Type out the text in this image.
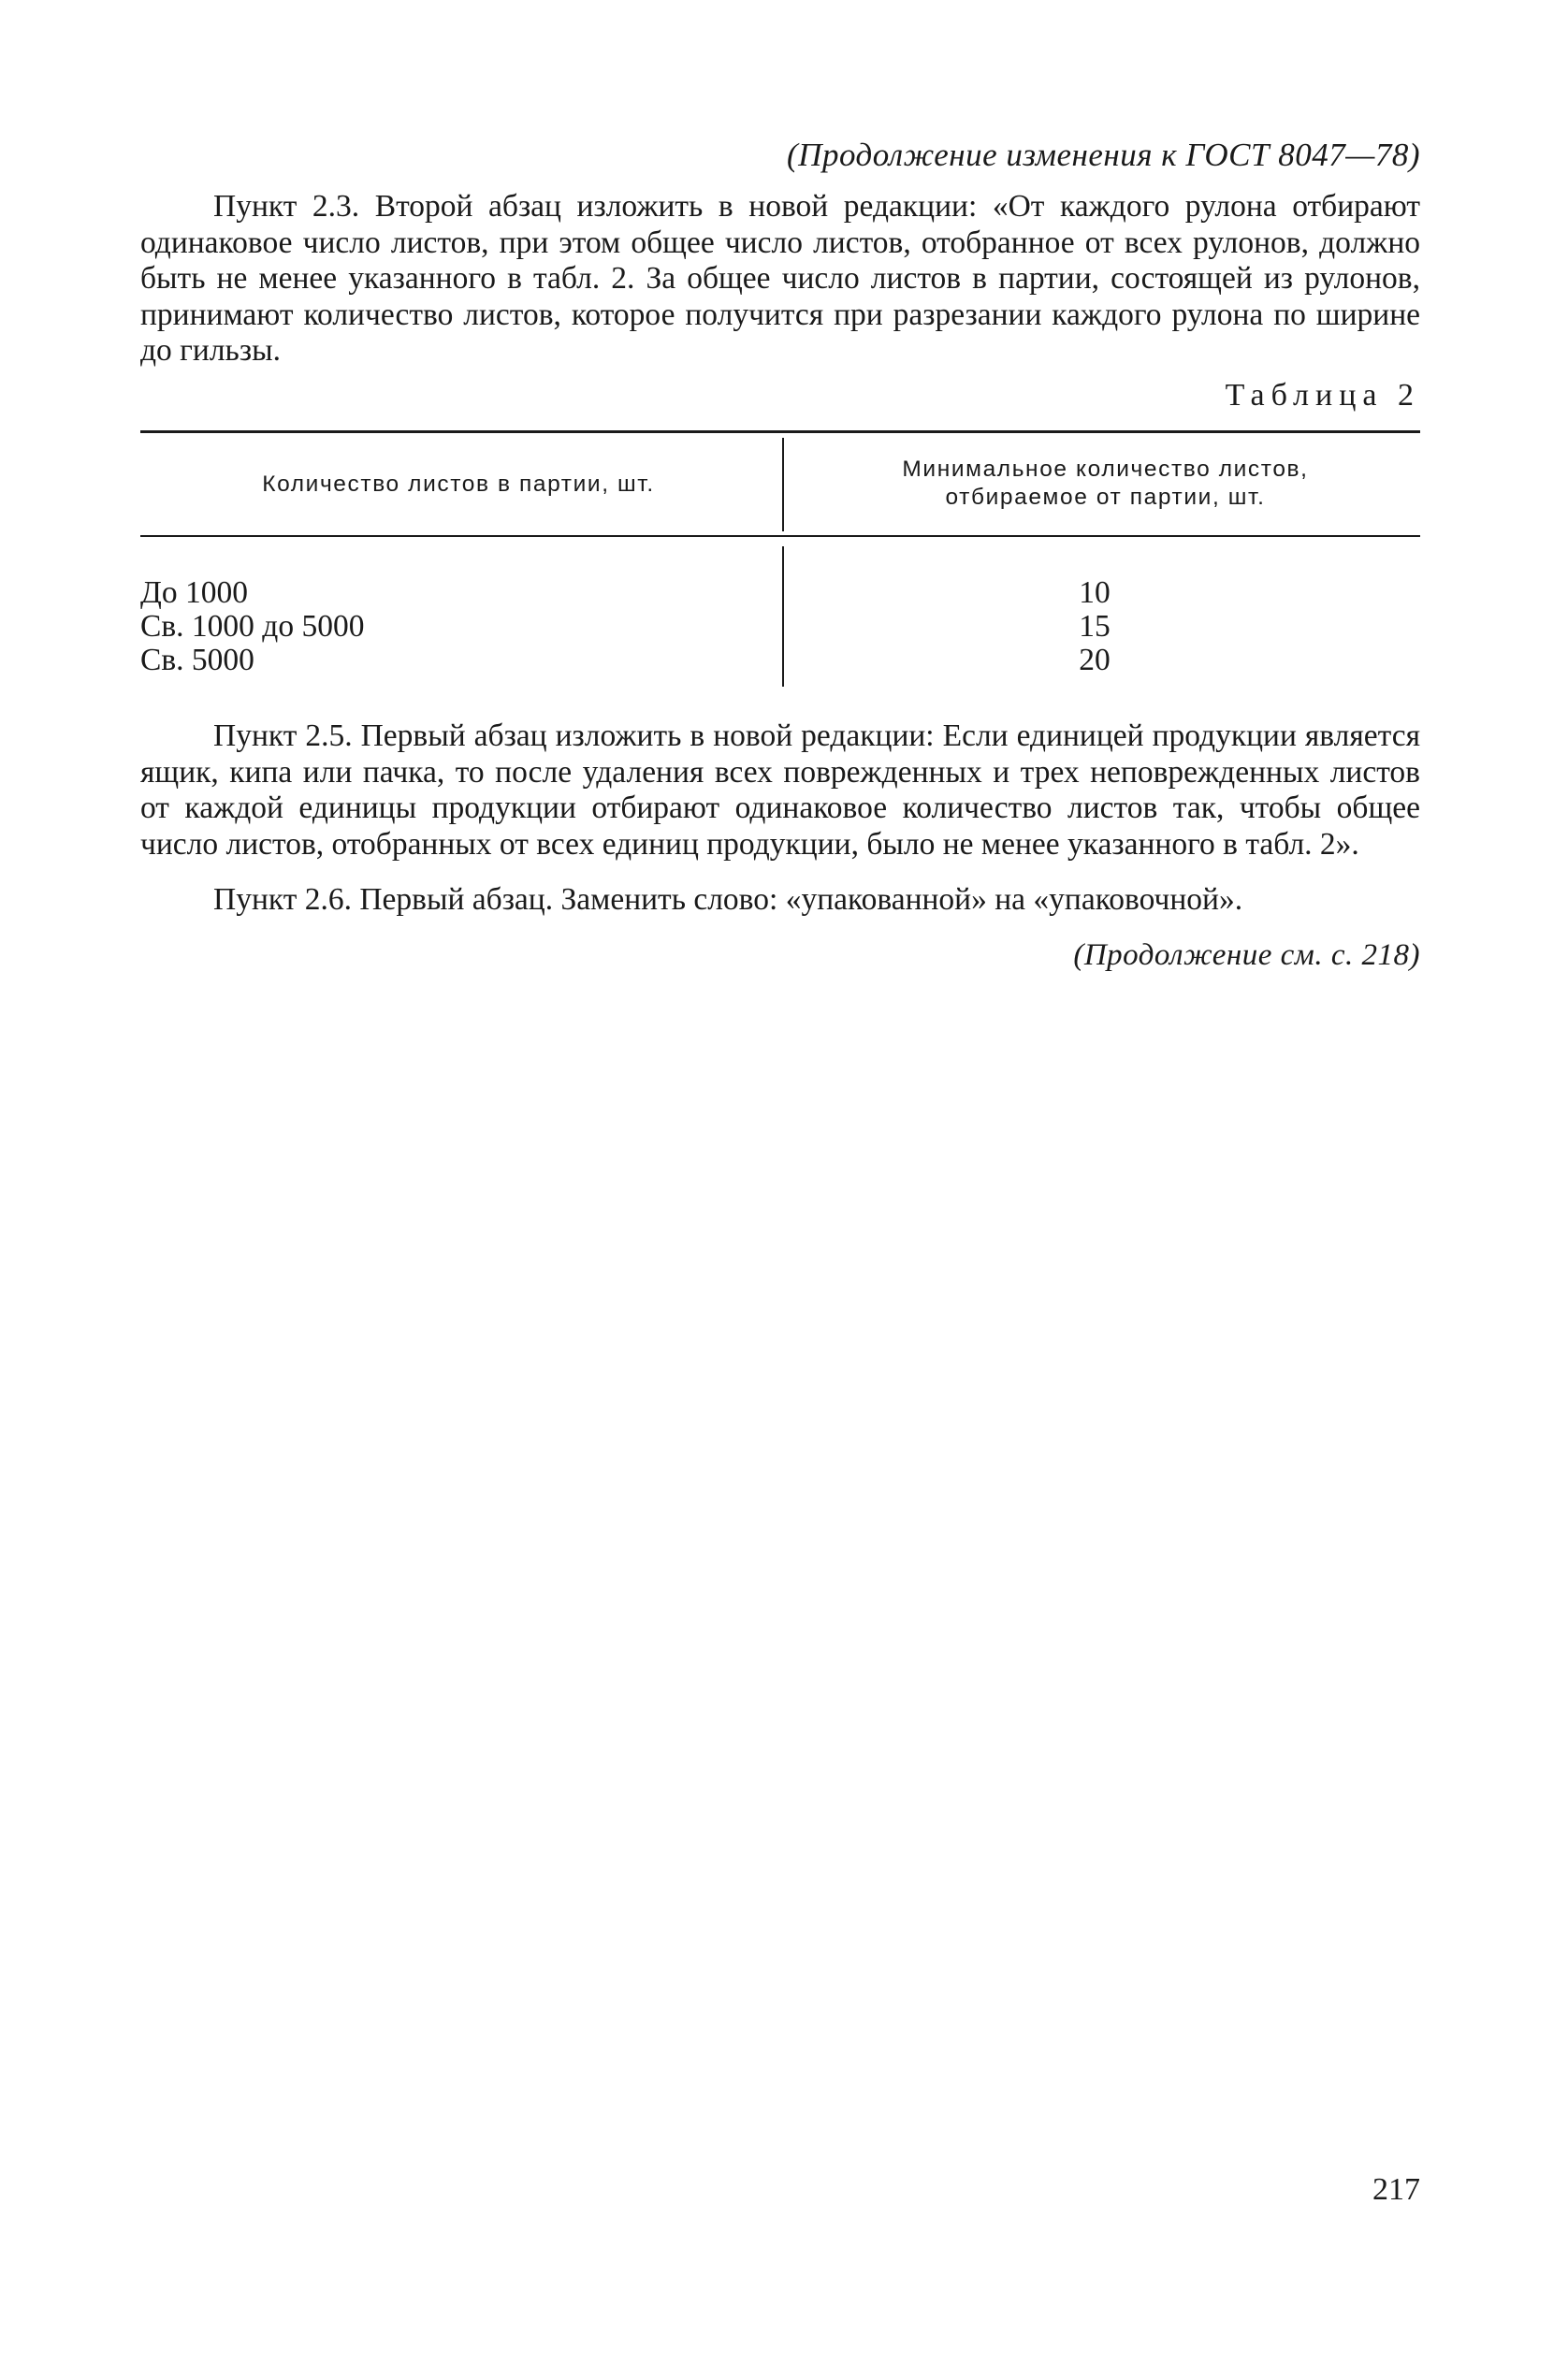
(Продолжение изменения к ГОСТ 8047—78)

Пункт 2.3. Второй абзац изложить в новой редакции: «От каждого рулона отбирают одинаковое число листов, при этом общее число листов, отобранное от всех рулонов, должно быть не менее указанного в табл. 2. За общее число листов в партии, состоящей из рулонов, принимают количество листов, которое получится при разрезании каждого рулона по ширине до гильзы.

Таблица 2
Количество листов в партии, шт.
Минимальное количество листов,
отбираемое от партии, шт.
До 1000	10
Св. 1000 до 5000	15
Св. 5000	20

Пункт 2.5. Первый абзац изложить в новой редакции: Если единицей продукции является ящик, кипа или пачка, то после удаления всех поврежденных и трех неповрежденных листов от каждой единицы продукции отбирают одинаковое количество листов так, чтобы общее число листов, отобранных от всех единиц продукции, было не менее указанного в табл. 2».

Пункт 2.6. Первый абзац. Заменить слово: «упакованной» на «упаковочной».

(Продолжение см. с. 218)
217
